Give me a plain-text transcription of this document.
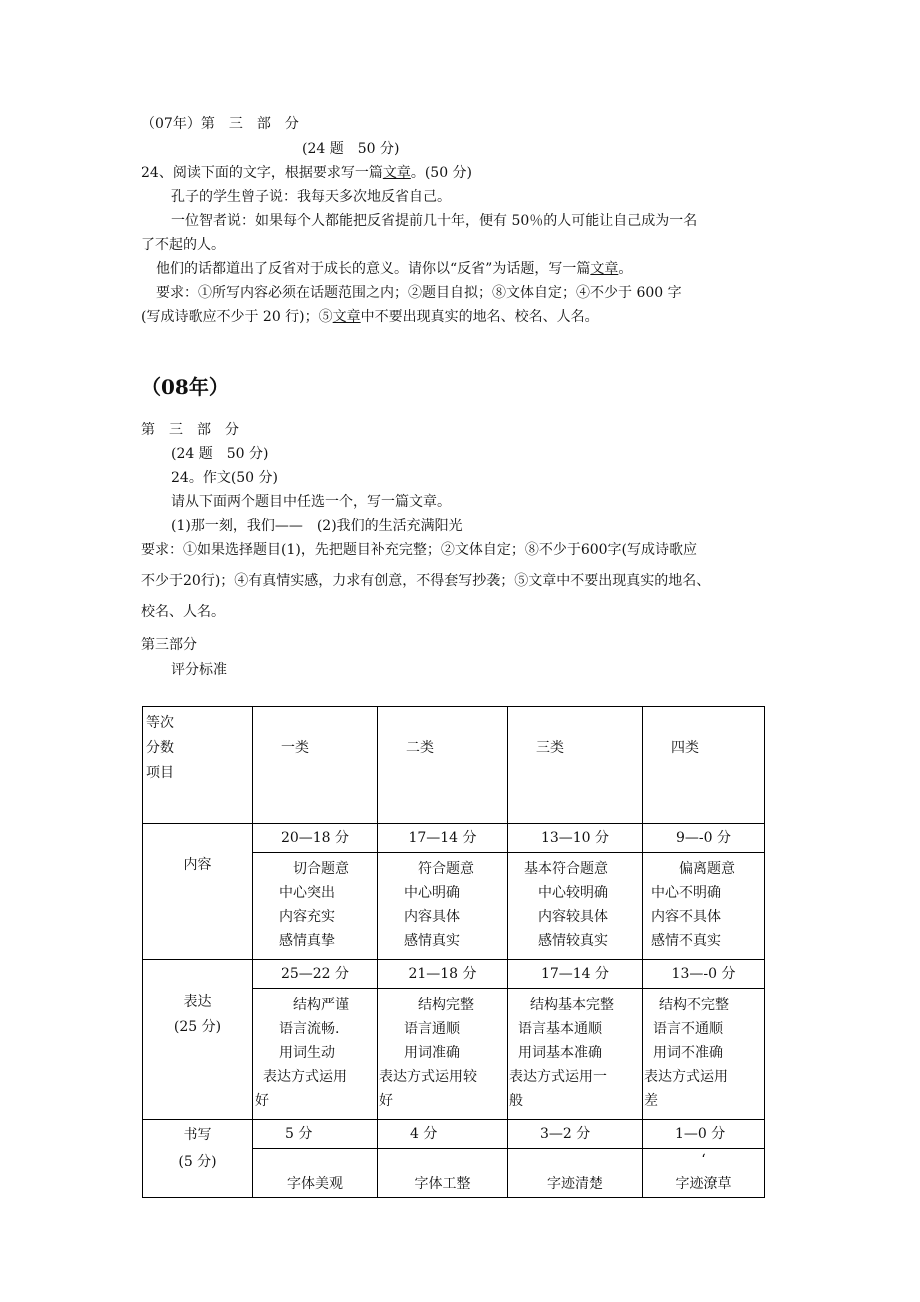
（07年）第　三　部　分
(24 题　50 分)
24、阅读下面的文字，根据要求写一篇文章。(50 分)
孔子的学生曾子说：我每天多次地反省自己。
一位智者说：如果每个人都能把反省提前几十年，便有 50％的人可能让自己成为一名
了不起的人。
他们的话都道出了反省对于成长的意义。请你以“反省”为话题，写一篇文章。
要求：①所写内容必须在话题范围之内；②题目自拟；⑧文体自定；④不少于 600 字
(写成诗歌应不少于 20 行)；⑤文章中不要出现真实的地名、校名、人名。
（08年）
第　三　部　分
(24 题　50 分)
24。作文(50 分)
请从下面两个题目中任选一个，写一篇文章。
(1)那一刻，我们——　(2)我们的生活充满阳光
要求：①如果选择题目(1)，先把题目补充完整；②文体自定；⑧不少于600字(写成诗歌应
不少于20行)；④有真情实感，力求有创意，不得套写抄袭；⑤文章中不要出现真实的地名、
校名、人名。
第三部分
评分标准
等次
分数
项目	一类	二类	三类	四类

内容	20—18 分	17—14 分	13—10 分	9—-0 分

	　切合题意
中心突出
内容充实
感情真挚	　符合题意
中心明确
内容具体
感情真实	基本符合题意
　中心较明确
　内容较具体
　感情较真实	　　偏离题意
中心不明确
内容不具体
感情不真实

表达
(25 分)	25—22 分	21—18 分	17—14 分	13—-0 分

	　结构严谨
语言流畅.
用词生动
表达方式运用
好	　结构完整
语言通顺
用词准确
表达方式运用较
好	　结构基本完整
语言基本通顺
用词基本准确
表达方式运用一
般	　结构不完整
语言不通顺
用词不准确
表达方式运用
差

书写
(5 分)	5 分	4 分	3—2 分	1—0 分

	字体美观	字体工整	字迹清楚	‘
字迹潦草
